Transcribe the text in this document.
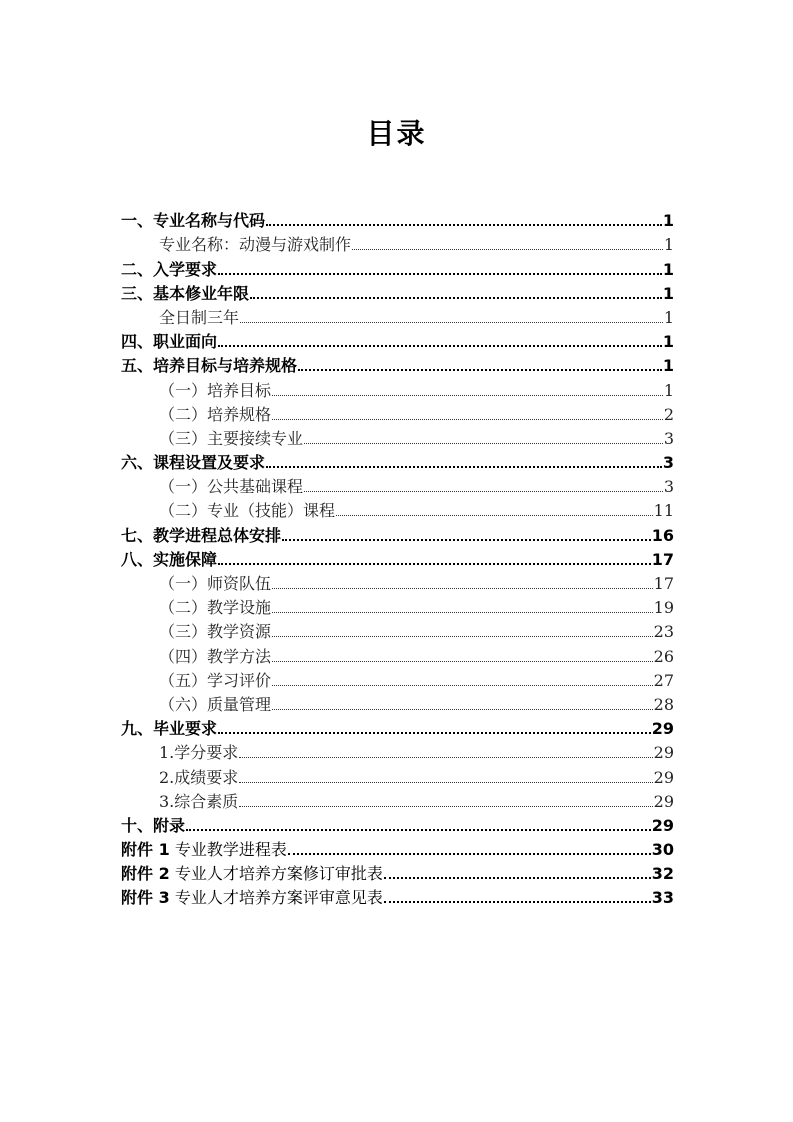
目录
一、专业名称与代码	1
专业名称：动漫与游戏制作	1
二、入学要求	1
三、基本修业年限	1
全日制三年	1
四、职业面向	1
五、培养目标与培养规格	1
（一）培养目标	1
（二）培养规格	2
（三）主要接续专业	3
六、课程设置及要求	3
（一）公共基础课程	3
（二）专业（技能）课程	11
七、教学进程总体安排	16
八、实施保障	17
（一）师资队伍	17
（二）教学设施	19
（三）教学资源	23
（四）教学方法	26
（五）学习评价	27
（六）质量管理	28
九、毕业要求	29
1.学分要求	29
2.成绩要求	29
3.综合素质	29
十、附录	29
附件 1 专业教学进程表	30
附件 2 专业人才培养方案修订审批表	32
附件 3 专业人才培养方案评审意见表	33
